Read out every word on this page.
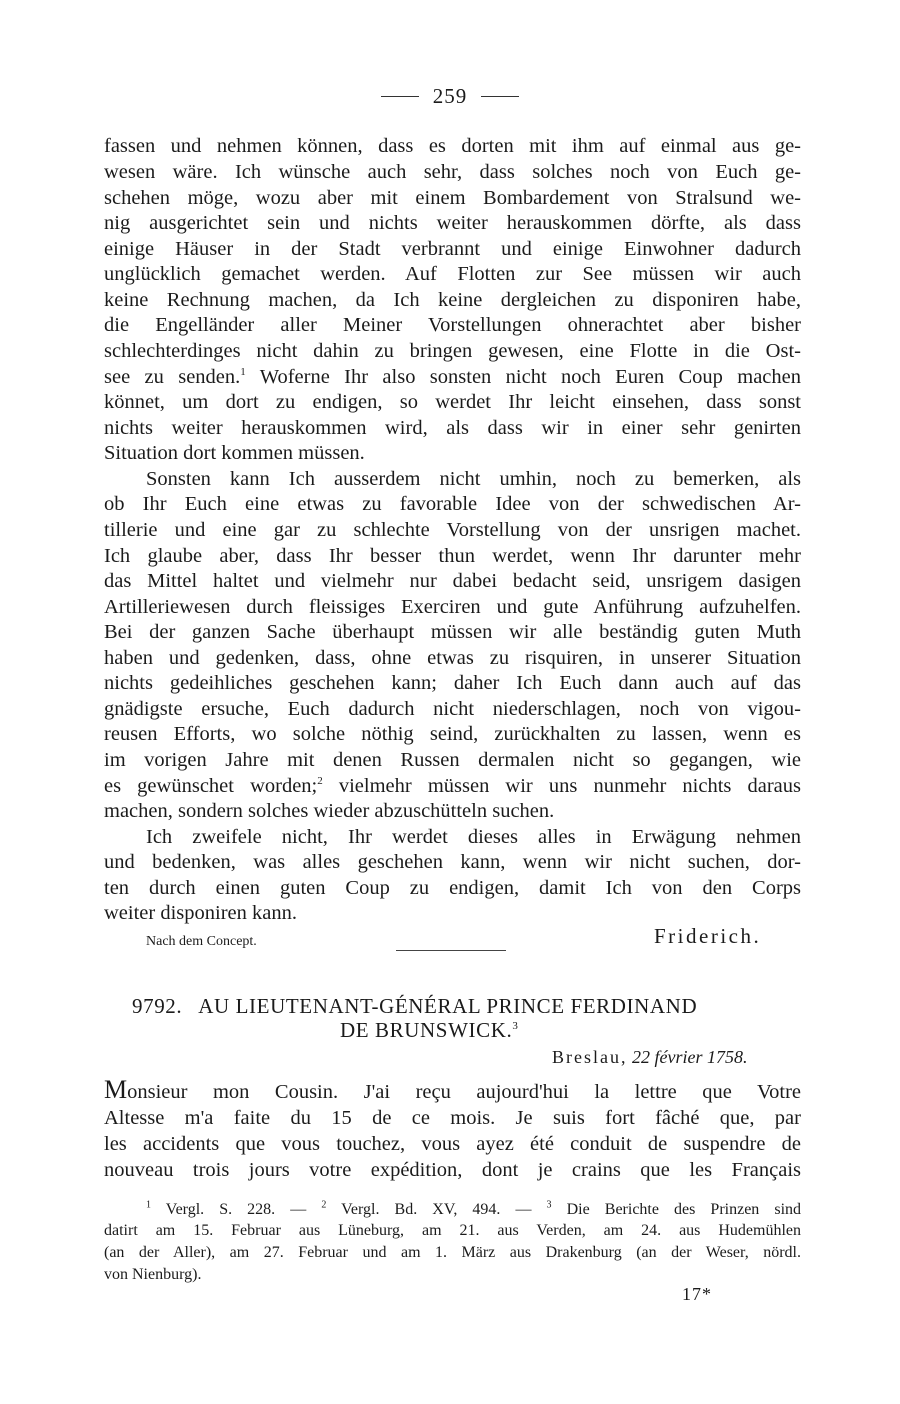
259
fassen und nehmen können, dass es dorten mit ihm auf einmal aus ge-
wesen wäre. Ich wünsche auch sehr, dass solches noch von Euch ge-
schehen möge, wozu aber mit einem Bombardement von Stralsund we-
nig ausgerichtet sein und nichts weiter herauskommen dörfte, als dass
einige Häuser in der Stadt verbrannt und einige Einwohner dadurch
unglücklich gemachet werden. Auf Flotten zur See müssen wir auch
keine Rechnung machen, da Ich keine dergleichen zu disponiren habe,
die Engelländer aller Meiner Vorstellungen ohnerachtet aber bisher
schlechterdinges nicht dahin zu bringen gewesen, eine Flotte in die Ost-
see zu senden.$^1$ Woferne Ihr also sonsten nicht noch Euren Coup machen
könnet, um dort zu endigen, so werdet Ihr leicht einsehen, dass sonst
nichts weiter herauskommen wird, als dass wir in einer sehr genirten
Situation dort kommen müssen.
Sonsten kann Ich ausserdem nicht umhin, noch zu bemerken, als
ob Ihr Euch eine etwas zu favorable Idee von der schwedischen Ar-
tillerie und eine gar zu schlechte Vorstellung von der unsrigen machet.
Ich glaube aber, dass Ihr besser thun werdet, wenn Ihr darunter mehr
das Mittel haltet und vielmehr nur dabei bedacht seid, unsrigem dasigen
Artilleriewesen durch fleissiges Exerciren und gute Anführung aufzuhelfen.
Bei der ganzen Sache überhaupt müssen wir alle beständig guten Muth
haben und gedenken, dass, ohne etwas zu risquiren, in unserer Situation
nichts gedeihliches geschehen kann; daher Ich Euch dann auch auf das
gnädigste ersuche, Euch dadurch nicht niederschlagen, noch von vigou-
reusen Efforts, wo solche nöthig seind, zurückhalten zu lassen, wenn es
im vorigen Jahre mit denen Russen dermalen nicht so gegangen, wie
es gewünschet worden;$^2$ vielmehr müssen wir uns nunmehr nichts daraus
machen, sondern solches wieder abzuschütteln suchen.
Ich zweifele nicht, Ihr werdet dieses alles in Erwägung nehmen
und bedenken, was alles geschehen kann, wenn wir nicht suchen, dor-
ten durch einen guten Coup zu endigen, damit Ich von den Corps
weiter disponiren kann.
Nach dem Concept.	Friderich.
9792. AU LIEUTENANT-GÉNÉRAL PRINCE FERDINAND
DE BRUNSWICK.$^3$
Breslau, 22 février 1758.
Monsieur mon Cousin. J'ai reçu aujourd'hui la lettre que Votre
Altesse m'a faite du 15 de ce mois. Je suis fort fâché que, par
les accidents que vous touchez, vous ayez été conduit de suspendre de
nouveau trois jours votre expédition, dont je crains que les Français
$^1$ Vergl. S. 228. — $^2$ Vergl. Bd. XV, 494. — $^3$ Die Berichte des Prinzen sind
datirt am 15. Februar aus Lüneburg, am 21. aus Verden, am 24. aus Hudemühlen
(an der Aller), am 27. Februar und am 1. März aus Drakenburg (an der Weser, nördl.
von Nienburg).
17*
